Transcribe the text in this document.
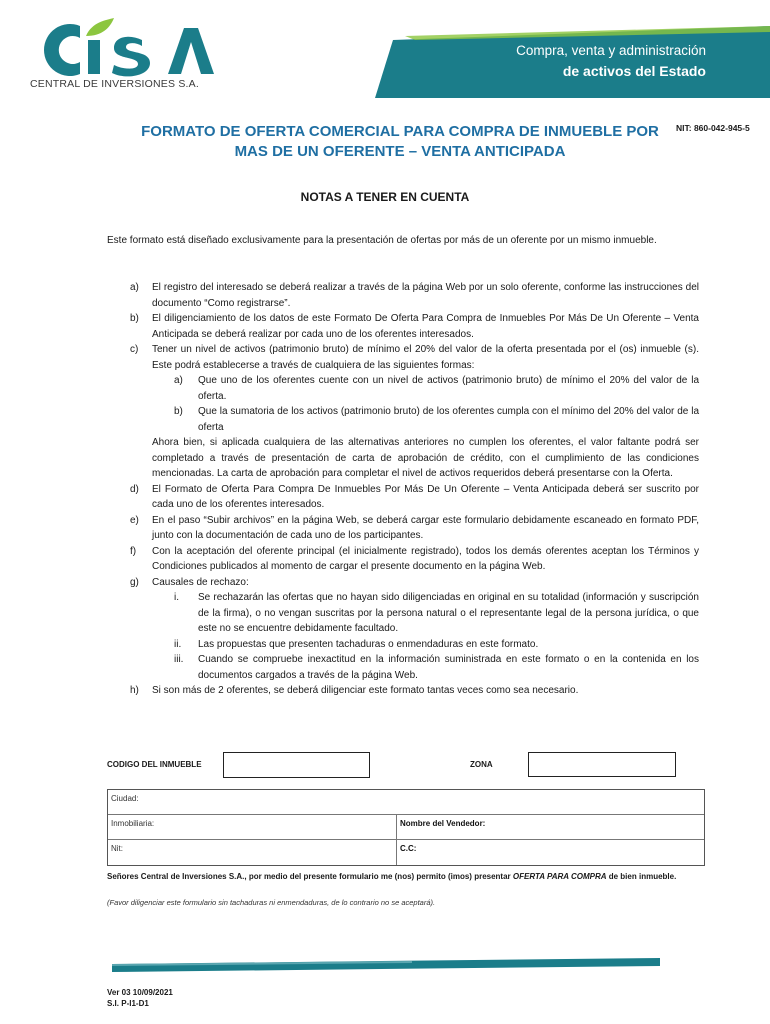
CENTRAL DE INVERSIONES S.A.
Compra, venta y administración
de activos del Estado
NIT: 860-042-945-5
FORMATO DE OFERTA COMERCIAL PARA COMPRA DE INMUEBLE POR MAS DE UN OFERENTE – VENTA ANTICIPADA
NOTAS A TENER EN CUENTA
Este formato está diseñado exclusivamente para la presentación de ofertas por más de un oferente por un mismo inmueble.
a) El registro del interesado se deberá realizar a través de la página Web por un solo oferente, conforme las instrucciones del documento “Como registrarse”.
b) El diligenciamiento de los datos de este Formato De Oferta Para Compra de Inmuebles Por Más De Un Oferente – Venta Anticipada se deberá realizar por cada uno de los oferentes interesados.
c) Tener un nivel de activos (patrimonio bruto) de mínimo el 20% del valor de la oferta presentada por el (os) inmueble (s). Este podrá establecerse a través de cualquiera de las siguientes formas:
a) Que uno de los oferentes cuente con un nivel de activos (patrimonio bruto) de mínimo el 20% del valor de la oferta.
b) Que la sumatoria de los activos (patrimonio bruto) de los oferentes cumpla con el mínimo del 20% del valor de la oferta
Ahora bien, si aplicada cualquiera de las alternativas anteriores no cumplen los oferentes, el valor faltante podrá ser completado a través de presentación de carta de aprobación de crédito, con el cumplimiento de las condiciones mencionadas. La carta de aprobación para completar el nivel de activos requeridos deberá presentarse con la Oferta.
d) El Formato de Oferta Para Compra De Inmuebles Por Más De Un Oferente – Venta Anticipada deberá ser suscrito por cada uno de los oferentes interesados.
e) En el paso “Subir archivos” en la página Web, se deberá cargar este formulario debidamente escaneado en formato PDF, junto con la documentación de cada uno de los participantes.
f) Con la aceptación del oferente principal (el inicialmente registrado), todos los demás oferentes aceptan los Términos y Condiciones publicados al momento de cargar el presente documento en la página Web.
g) Causales de rechazo:
i. Se rechazarán las ofertas que no hayan sido diligenciadas en original en su totalidad (información y suscripción de la firma), o no vengan suscritas por la persona natural o el representante legal de la persona jurídica, o que este no se encuentre debidamente facultado.
ii. Las propuestas que presenten tachaduras o enmendaduras en este formato.
iii. Cuando se compruebe inexactitud en la información suministrada en este formato o en la contenida en los documentos cargados a través de la página Web.
h) Si son más de 2 oferentes, se deberá diligenciar este formato tantas veces como sea necesario.
CODIGO DEL INMUEBLE	ZONA
Ciudad:
Inmobiliaria:	Nombre del Vendedor:
Nit:	C.C:
Señores Central de Inversiones S.A., por medio del presente formulario me (nos) permito (imos) presentar OFERTA PARA COMPRA de bien inmueble.
(Favor diligenciar este formulario sin tachaduras ni enmendaduras, de lo contrario no se aceptará).
Ver 03 10/09/2021
S.I. P-I1-D1
